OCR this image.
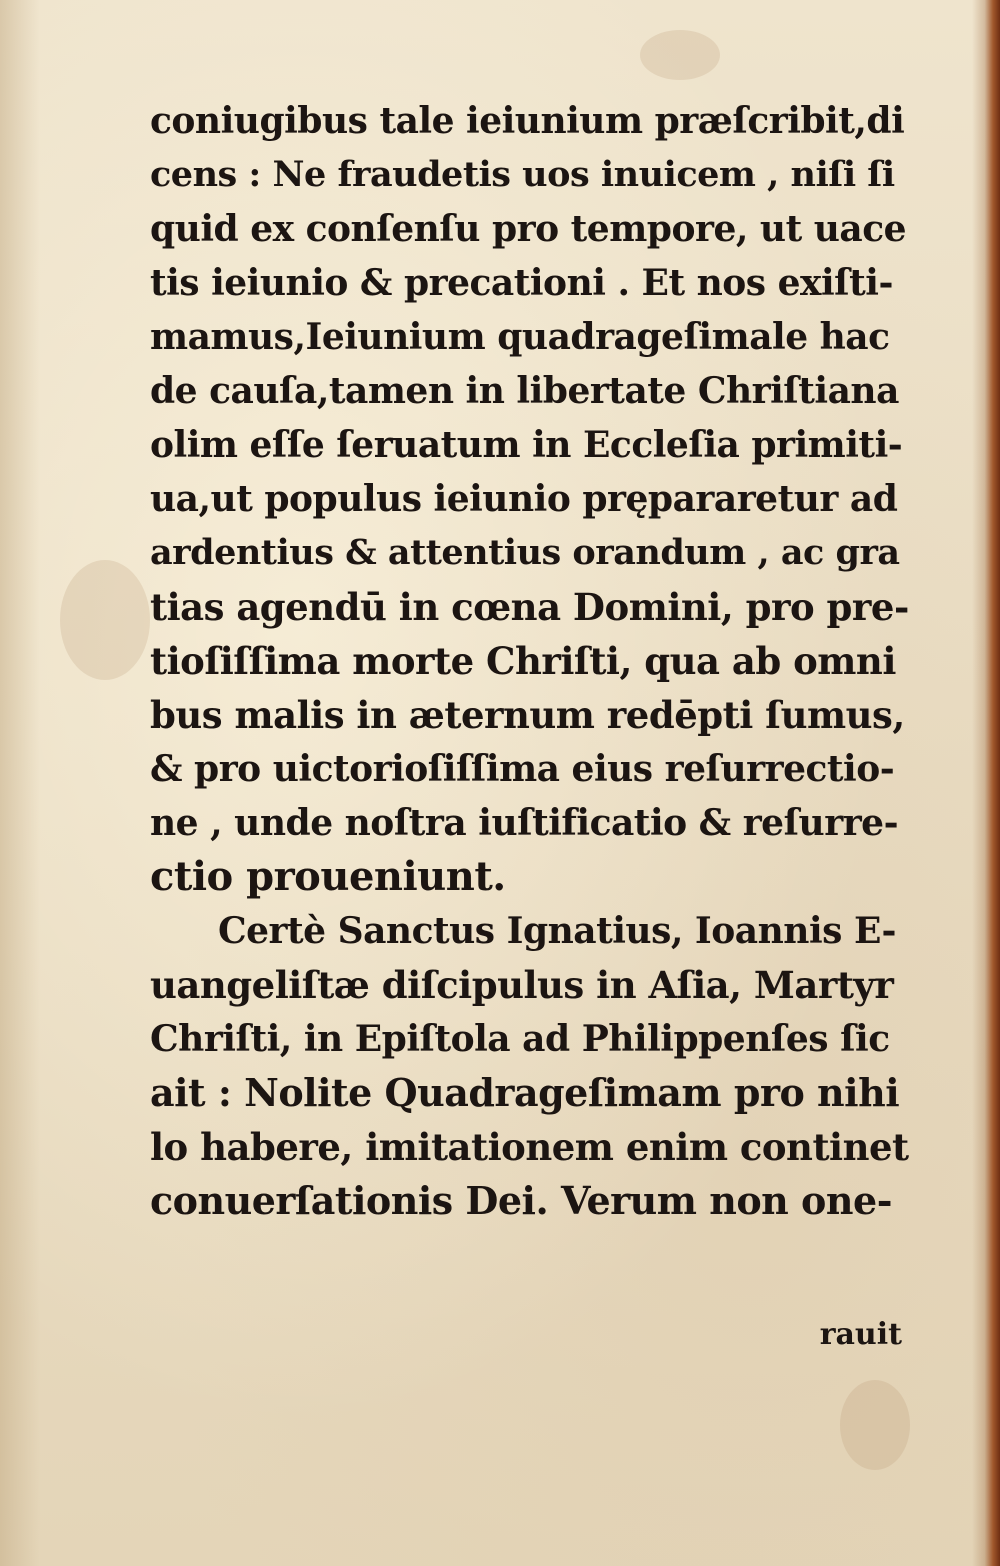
coniugibus tale ieiunium præſcribit,di
cens : Ne fraudetis uos inuicem , niſi ſi
quid ex conſenſu pro tempore, ut uace
tis ieiunio & precationi . Et nos exiſti-
mamus,Ieiunium quadrageſimale hac
de cauſa,tamen in libertate Chriſtiana
olim eſſe ſeruatum in Eccleſia primiti-
ua,ut populus ieiunio prępararetur ad
ardentius & attentius orandum , ac gra
tias agendū in cœna Domini, pro pre-
tioſiſſima morte Chriſti, qua ab omni
bus malis in æternum redēpti ſumus,
& pro uictorioſiſſima eius reſurrectio-
ne , unde noſtra iuſtificatio & reſurre-
ctio proueniunt.
Certè Sanctus Ignatius, Ioannis E-
uangeliſtæ diſcipulus in Aſia, Martyr
Chriſti, in Epiſtola ad Philippenſes ſic
ait : Nolite Quadrageſimam pro nihi
lo habere, imitationem enim continet
conuerſationis Dei. Verum non one-
rauit
